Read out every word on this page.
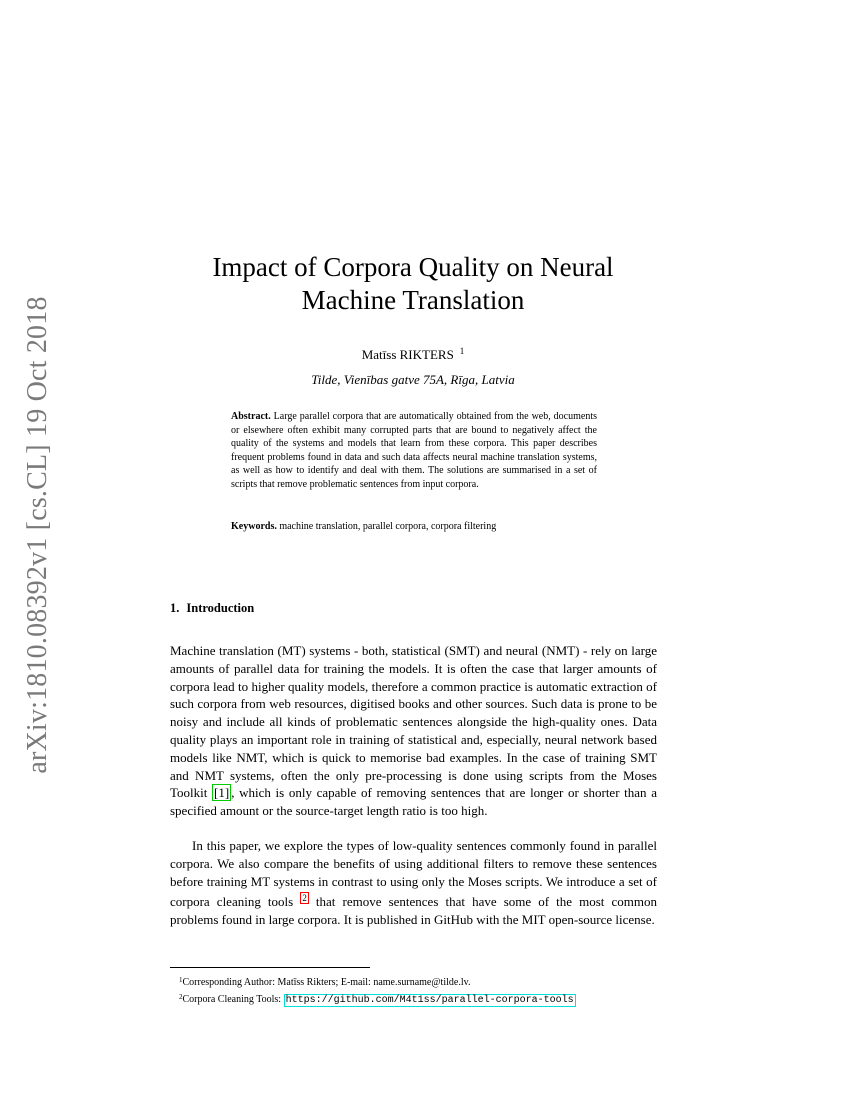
arXiv:1810.08392v1 [cs.CL] 19 Oct 2018
Impact of Corpora Quality on Neural
Machine Translation
Matīss RIKTERS $^1$
Tilde, Vienības gatve 75A, Rīga, Latvia

Abstract. Large parallel corpora that are automatically obtained from the web, documents or elsewhere often exhibit many corrupted parts that are bound to negatively affect the quality of the systems and models that learn from these corpora. This paper describes frequent problems found in data and such data affects neural machine translation systems, as well as how to identify and deal with them. The solutions are summarised in a set of scripts that remove problematic sentences from input corpora.

Keywords. machine translation, parallel corpora, corpora filtering

1. Introduction

Machine translation (MT) systems - both, statistical (SMT) and neural (NMT) - rely on large amounts of parallel data for training the models. It is often the case that larger amounts of corpora lead to higher quality models, therefore a common practice is automatic extraction of such corpora from web resources, digitised books and other sources. Such data is prone to be noisy and include all kinds of problematic sentences alongside the high-quality ones. Data quality plays an important role in training of statistical and, especially, neural network based models like NMT, which is quick to memorise bad examples. In the case of training SMT and NMT systems, often the only pre-processing is done using scripts from the Moses Toolkit [1] , which is only capable of removing sentences that are longer or shorter than a specified amount or the source-target length ratio is too high.

In this paper, we explore the types of low-quality sentences commonly found in parallel corpora. We also compare the benefits of using additional filters to remove these sentences before training MT systems in contrast to using only the Moses scripts. We introduce a set of corpora cleaning tools $^2$ that remove sentences that have some of the most common problems found in large corpora. It is published in GitHub with the MIT open-source license.

$^1$Corresponding Author: Matīss Rikters; E-mail: name.surname@tilde.lv.
$^2$Corpora Cleaning Tools: https://github.com/M4t1ss/parallel-corpora-tools
